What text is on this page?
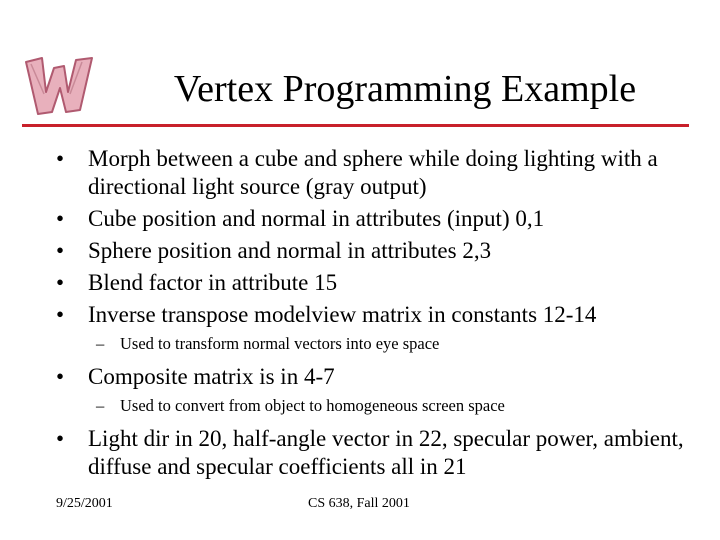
Vertex Programming Example
• Morph between a cube and sphere while doing lighting with a directional light source (gray output)
• Cube position and normal in attributes (input) 0,1
• Sphere position and normal in attributes 2,3
• Blend factor in attribute 15
• Inverse transpose modelview matrix in constants 12-14
– Used to transform normal vectors into eye space
• Composite matrix is in 4-7
– Used to convert from object to homogeneous screen space
• Light dir in 20, half-angle vector in 22, specular power, ambient, diffuse and specular coefficients all in 21
9/25/2001	CS 638, Fall 2001
